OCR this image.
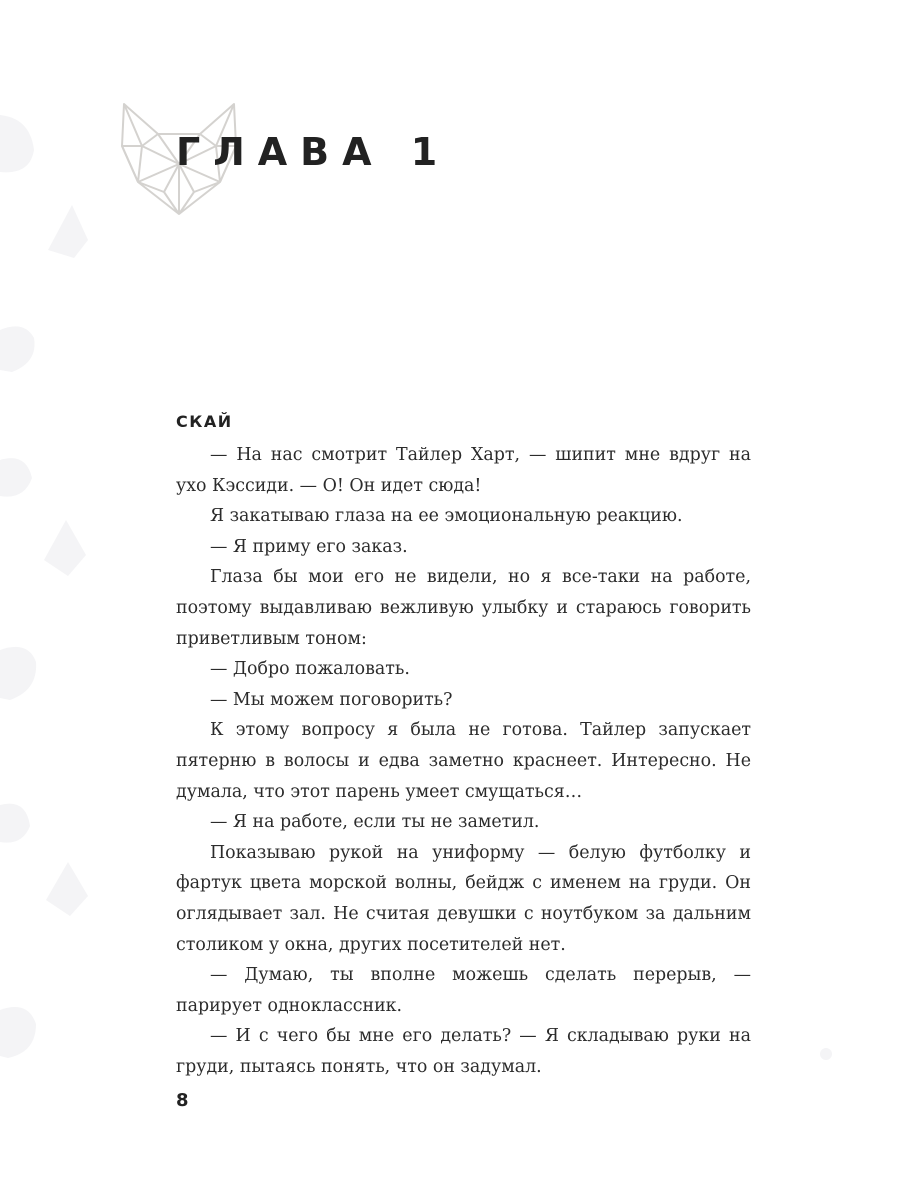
ГЛАВА 1

СКАЙ

— На нас смотрит Тайлер Харт, — шипит мне вдруг на ухо Кэссиди. — О! Он идет сюда!

Я закатываю глаза на ее эмоциональную реакцию.

— Я приму его заказ.

Глаза бы мои его не видели, но я все-таки на работе, поэтому выдавливаю вежливую улыбку и стараюсь говорить приветливым тоном:

— Добро пожаловать.

— Мы можем поговорить?

К этому вопросу я была не готова. Тайлер запускает пятерню в волосы и едва заметно краснеет. Интересно. Не думала, что этот парень умеет смущаться…

— Я на работе, если ты не заметил.

Показываю рукой на униформу — белую футболку и фартук цвета морской волны, бейдж с именем на груди. Он оглядывает зал. Не считая девушки с ноутбуком за дальним столиком у окна, других посетителей нет.

— Думаю, ты вполне можешь сделать перерыв, — парирует одноклассник.

— И с чего бы мне его делать? — Я складываю руки на груди, пытаясь понять, что он задумал.

8
